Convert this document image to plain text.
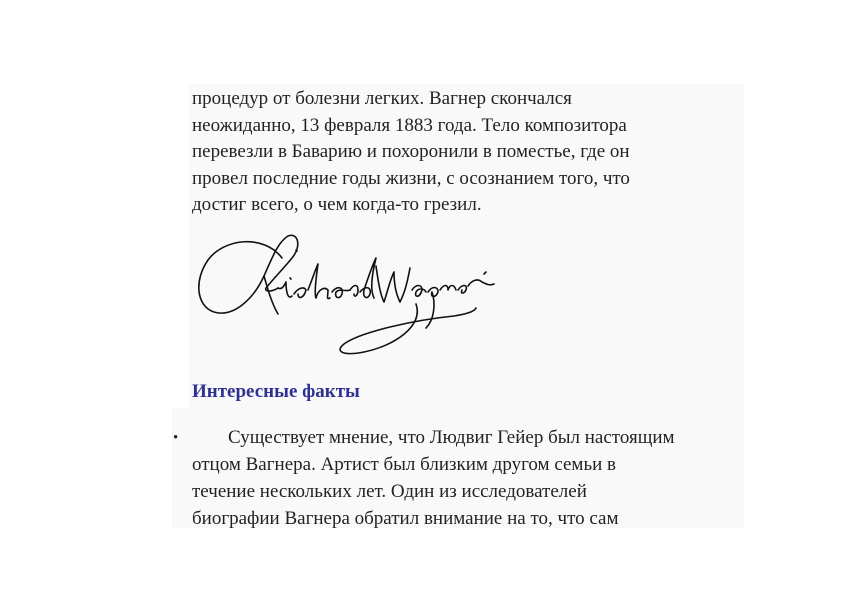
процедур от болезни легких. Вагнер скончался
неожиданно, 13 февраля 1883 года. Тело композитора
перевезли в Баварию и похоронили в поместье, где он
провел последние годы жизни, с осознанием того, что
достиг всего, о чем когда-то грезил.
Интересные факты
•	Существует мнение, что Людвиг Гейер был настоящим
отцом Вагнера. Артист был близким другом семьи в
течение нескольких лет. Один из исследователей
биографии Вагнера обратил внимание на то, что сам
